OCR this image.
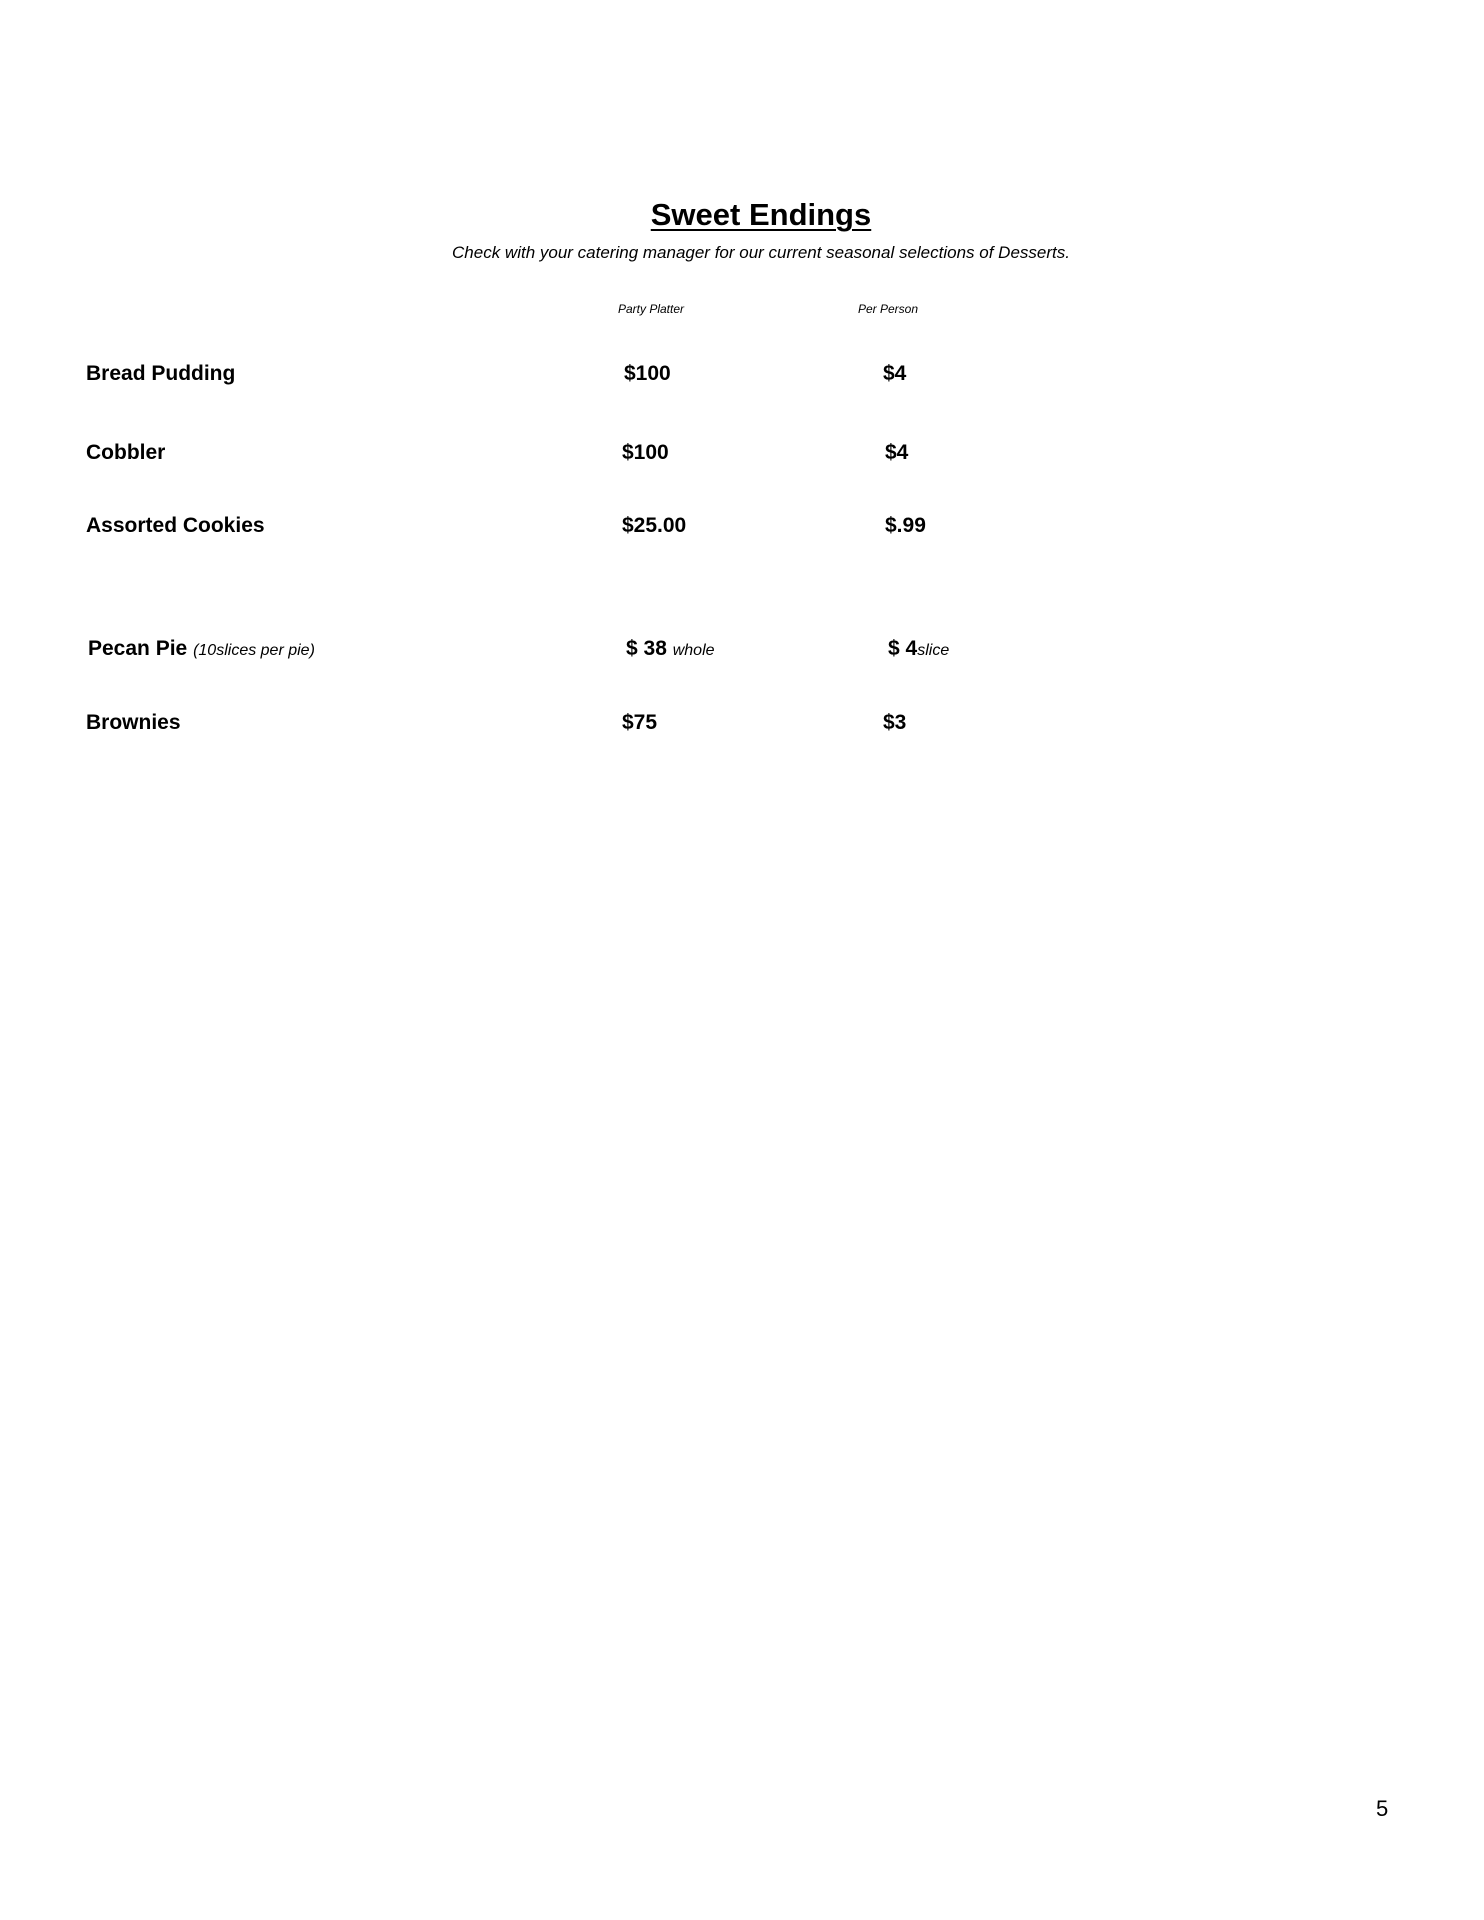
Sweet Endings
Check with your catering manager for our current seasonal selections of Desserts.
Party Platter	Per Person
Bread Pudding	$100	$4
Cobbler	$100	$4
Assorted Cookies	$25.00	$.99
Pecan Pie (10slices per pie)	$ 38 whole	$ 4slice
Brownies	$75	$3
5
